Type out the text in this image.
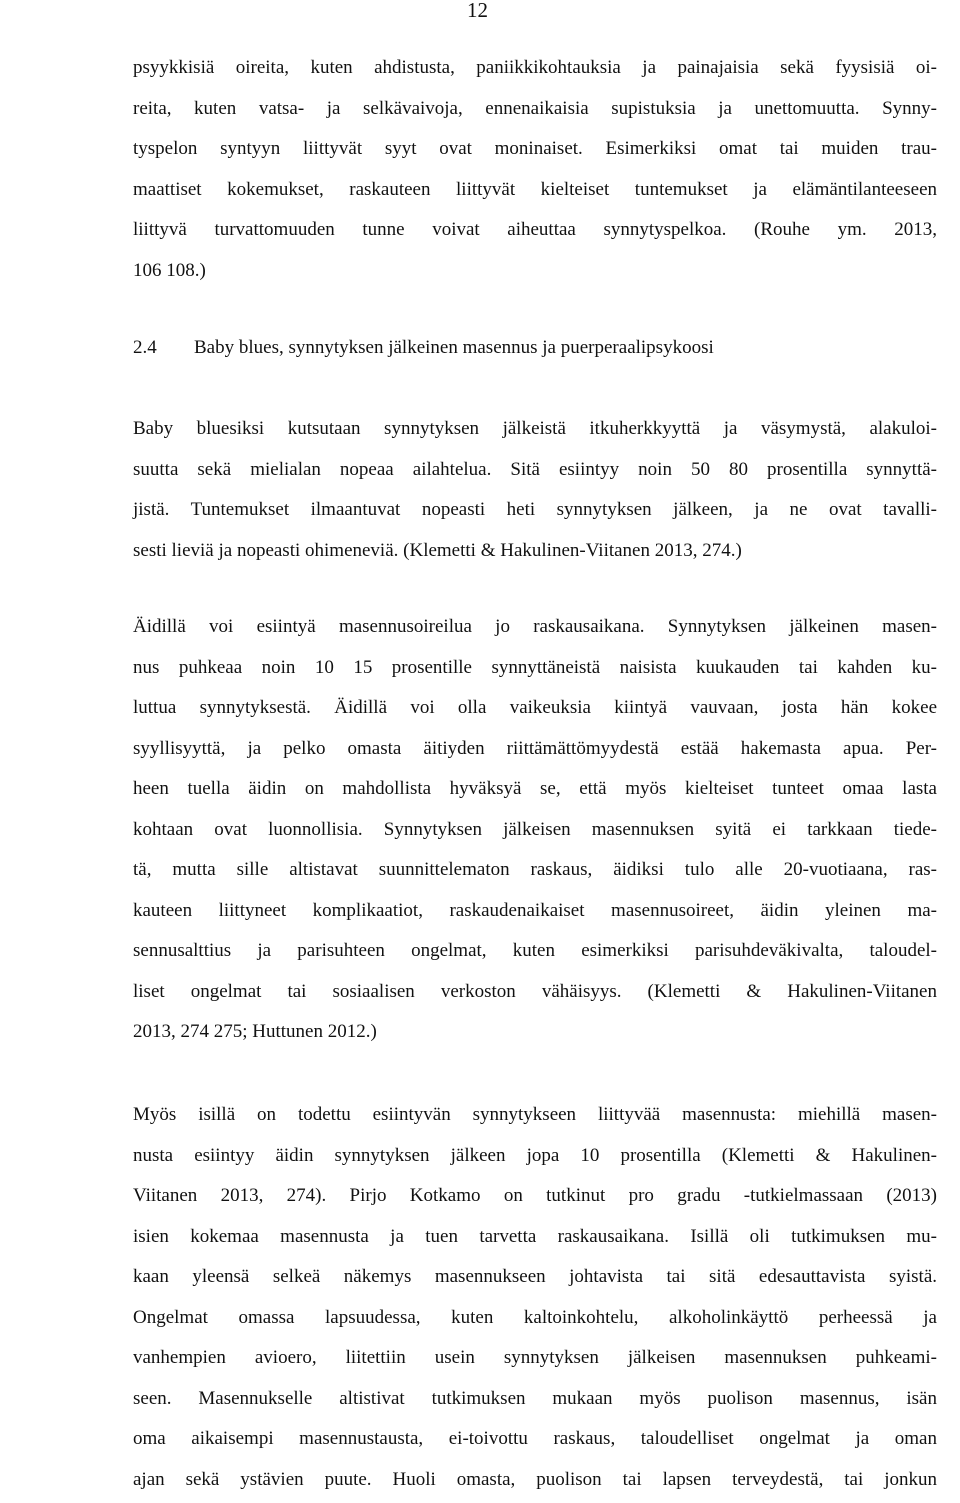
12
psyykkisiä oireita, kuten ahdistusta, paniikkikohtauksia ja painajaisia sekä fyysisiä oi-
reita, kuten vatsa- ja selkävaivoja, ennenaikaisia supistuksia ja unettomuutta. Synny-
tyspelon syntyyn liittyvät syyt ovat moninaiset. Esimerkiksi omat tai muiden trau-
maattiset kokemukset, raskauteen liittyvät kielteiset tuntemukset ja elämäntilanteeseen
liittyvä turvattomuuden tunne voivat aiheuttaa synnytyspelkoa. (Rouhe ym. 2013,
106 108.)
2.4 Baby blues, synnytyksen jälkeinen masennus ja puerperaalipsykoosi
Baby bluesiksi kutsutaan synnytyksen jälkeistä itkuherkkyyttä ja väsymystä, alakuloi-
suutta sekä mielialan nopeaa ailahtelua. Sitä esiintyy noin 50 80 prosentilla synnyttä-
jistä. Tuntemukset ilmaantuvat nopeasti heti synnytyksen jälkeen, ja ne ovat tavalli-
sesti lieviä ja nopeasti ohimeneviä. (Klemetti & Hakulinen-Viitanen 2013, 274.)
Äidillä voi esiintyä masennusoireilua jo raskausaikana. Synnytyksen jälkeinen masen-
nus puhkeaa noin 10 15 prosentille synnyttäneistä naisista kuukauden tai kahden ku-
luttua synnytyksestä. Äidillä voi olla vaikeuksia kiintyä vauvaan, josta hän kokee
syyllisyyttä, ja pelko omasta äitiyden riittämättömyydestä estää hakemasta apua. Per-
heen tuella äidin on mahdollista hyväksyä se, että myös kielteiset tunteet omaa lasta
kohtaan ovat luonnollisia. Synnytyksen jälkeisen masennuksen syitä ei tarkkaan tiede-
tä, mutta sille altistavat suunnittelematon raskaus, äidiksi tulo alle 20-vuotiaana, ras-
kauteen liittyneet komplikaatiot, raskaudenaikaiset masennusoireet, äidin yleinen ma-
sennusalttius ja parisuhteen ongelmat, kuten esimerkiksi parisuhdeväkivalta, taloudel-
liset ongelmat tai sosiaalisen verkoston vähäisyys. (Klemetti & Hakulinen-Viitanen
2013, 274 275; Huttunen 2012.)
Myös isillä on todettu esiintyvän synnytykseen liittyvää masennusta: miehillä masen-
nusta esiintyy äidin synnytyksen jälkeen jopa 10 prosentilla (Klemetti & Hakulinen-
Viitanen 2013, 274). Pirjo Kotkamo on tutkinut pro gradu -tutkielmassaan (2013)
isien kokemaa masennusta ja tuen tarvetta raskausaikana. Isillä oli tutkimuksen mu-
kaan yleensä selkeä näkemys masennukseen johtavista tai sitä edesauttavista syistä.
Ongelmat omassa lapsuudessa, kuten kaltoinkohtelu, alkoholinkäyttö perheessä ja
vanhempien avioero, liitettiin usein synnytyksen jälkeisen masennuksen puhkeami-
seen. Masennukselle altistivat tutkimuksen mukaan myös puolison masennus, isän
oma aikaisempi masennustausta, ei-toivottu raskaus, taloudelliset ongelmat ja oman
ajan sekä ystävien puute. Huoli omasta, puolison tai lapsen terveydestä, tai jonkun
